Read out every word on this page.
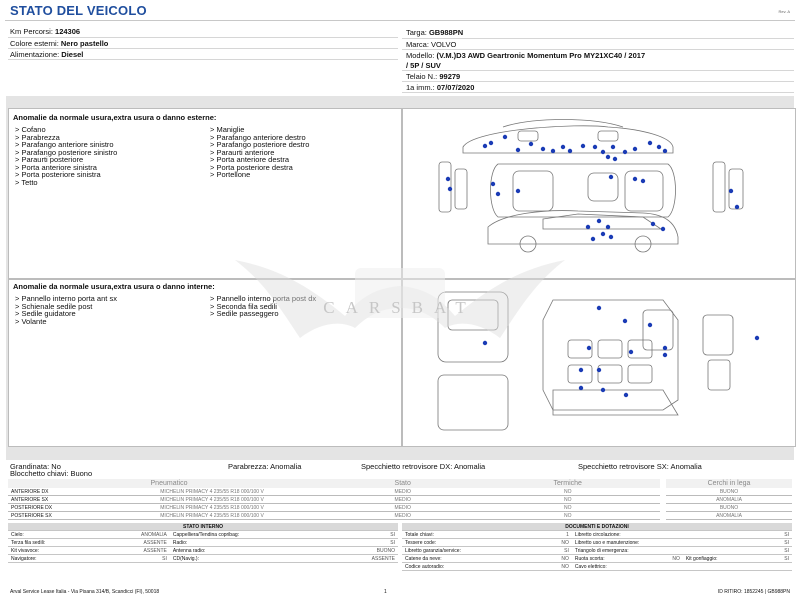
STATO DEL VEICOLO	Rev. A
Km Percorsi: 124306
Colore esterni: Nero pastello
Alimentazione: Diesel
Targa: GB988PN
Marca: VOLVO
Modello: (V.M.)D3 AWD Geartronic Momentum Pro MY21XC40 / 2017
/ 5P / SUV
Telaio N.: 99279
1a imm.: 07/07/2020
Anomalie da normale usura,extra usura o danno esterne:
> Cofano
> Parabrezza
> Parafango anteriore sinistro
> Parafango posteriore sinistro
> Paraurti posteriore
> Porta anteriore sinistra
> Porta posteriore sinistra
> Tetto
> Maniglie
> Parafango anteriore destro
> Parafango posteriore destro
> Paraurti anteriore
> Porta anteriore destra
> Porta posteriore destra
> Portellone
Anomalie da normale usura,extra usura o danno interne:
> Pannello interno porta ant sx
> Schienale sedile post
> Sedile guidatore
> Volante
> Pannello interno porta post dx
> Seconda fila sedili
> Sedile passeggero	CARSBAT
Grandinata: No
Blocchetto chiavi: Buono
Parabrezza: Anomalia	Specchietto retrovisore DX: Anomalia	Specchietto retrovisore SX: Anomalia
Pneumatico		Stato	Termiche
ANTERIORE DX	MICHELIN PRIMACY 4 235/55 R18 000/100 V	MEDIO	NO
ANTERIORE SX	MICHELIN PRIMACY 4 235/55 R18 000/100 V	MEDIO	NO
POSTERIORE DX	MICHELIN PRIMACY 4 235/55 R18 000/100 V	MEDIO	NO
POSTERIORE SX	MICHELIN PRIMACY 4 235/55 R18 000/100 V	MEDIO	NO
Cerchi in lega
BUONO
ANOMALIA
BUONO
ANOMALIA
STATO INTERNO			
Cielo:	ANOMALIA	Cappelliera/Tendina copribag:	SI
Terza fila sedili:	ASSENTE	Radio:	SI
Kit vivavoce:	ASSENTE	Antenna radio:	BUONO
Navigatore:	SI	CD(Navig.):	ASSENTE
DOCUMENTI E DOTAZIONI					
Totale chiavi:	1	Libretto circolazione:			SI
Tessere code:	NO	Libretto uso e manutenzione:			SI
Libretto garanzia/service:	SI	Triangolo di emergenza:			SI
Catene da neve:	NO	Ruota scorta:	NO	Kit gonfiaggio:	SI
Codice autoradio:	NO	Cavo elettrico:			
Arval Service Lease Italia - Via Pisana 314/B, Scandicci (FI), 50018	1	ID RITIRO: 1852245 | GB988PN
